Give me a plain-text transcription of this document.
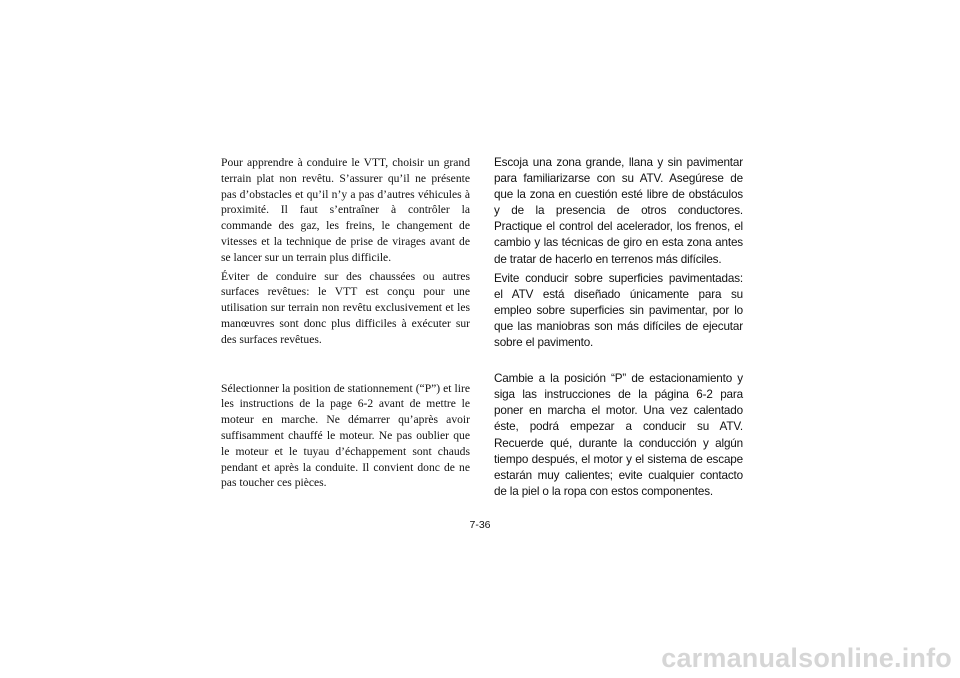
Pour apprendre à conduire le VTT, choisir un grand terrain plat non revêtu. S’assurer qu’il ne présente pas d’obstacles et qu’il n’y a pas d’autres véhicules à proximité. Il faut s’entraîner à contrôler la commande des gaz, les freins, le changement de vitesses et la technique de prise de virages avant de se lancer sur un terrain plus difficile.

Éviter de conduire sur des chaussées ou autres surfaces revêtues: le VTT est conçu pour une utilisation sur terrain non revêtu exclusivement et les manœuvres sont donc plus difficiles à exécuter sur des surfaces revêtues.

Sélectionner la position de stationnement (“P”) et lire les instructions de la page 6-2 avant de mettre le moteur en marche. Ne démarrer qu’après avoir suffisamment chauffé le moteur. Ne pas oublier que le moteur et le tuyau d’échappement sont chauds pendant et après la conduite. Il convient donc de ne pas toucher ces pièces.

Escoja una zona grande, llana y sin pavimentar para familiarizarse con su ATV. Asegúrese de que la zona en cuestión esté libre de obstáculos y de la presencia de otros conductores. Practique el control del acelerador, los frenos, el cambio y las técnicas de giro en esta zona antes de tratar de hacerlo en terrenos más difíciles.

Evite conducir sobre superficies pavimentadas: el ATV está diseñado únicamente para su empleo sobre superficies sin pavimentar, por lo que las maniobras son más difíciles de ejecutar sobre el pavimento.

Cambie a la posición “P” de estacionamiento y siga las instrucciones de la página 6-2 para poner en marcha el motor. Una vez calentado éste, podrá empezar a conducir su ATV. Recuerde qué, durante la conducción y algún tiempo después, el motor y el sistema de escape estarán muy calientes; evite cualquier contacto de la piel o la ropa con estos componentes.

7-36
carmanualsonline.info
